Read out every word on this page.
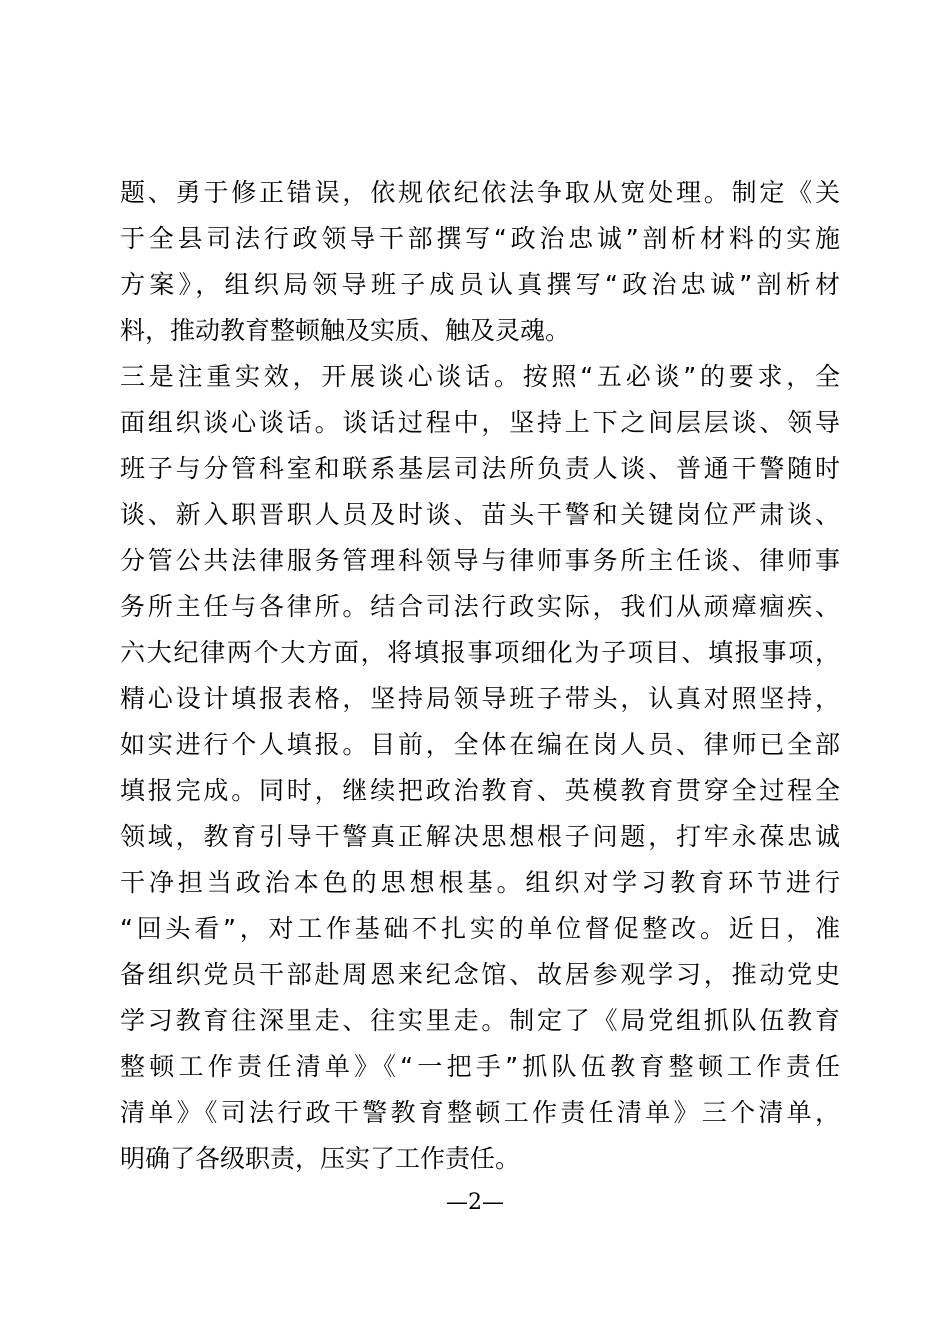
题、勇于修正错误，依规依纪依法争取从宽处理。制定《关
于全县司法行政领导干部撰写“政治忠诚”剖析材料的实施
方案》，组织局领导班子成员认真撰写“政治忠诚”剖析材
料，推动教育整顿触及实质、触及灵魂。
三是注重实效，开展谈心谈话。按照“五必谈”的要求，全
面组织谈心谈话。谈话过程中，坚持上下之间层层谈、领导
班子与分管科室和联系基层司法所负责人谈、普通干警随时
谈、新入职晋职人员及时谈、苗头干警和关键岗位严肃谈、
分管公共法律服务管理科领导与律师事务所主任谈、律师事
务所主任与各律所。结合司法行政实际，我们从顽瘴痼疾、
六大纪律两个大方面，将填报事项细化为子项目、填报事项，
精心设计填报表格，坚持局领导班子带头，认真对照坚持，
如实进行个人填报。目前，全体在编在岗人员、律师已全部
填报完成。同时，继续把政治教育、英模教育贯穿全过程全
领域，教育引导干警真正解决思想根子问题，打牢永葆忠诚
干净担当政治本色的思想根基。组织对学习教育环节进行
“回头看”，对工作基础不扎实的单位督促整改。近日，准
备组织党员干部赴周恩来纪念馆、故居参观学习，推动党史
学习教育往深里走、往实里走。制定了《局党组抓队伍教育
整顿工作责任清单》《“一把手”抓队伍教育整顿工作责任
清单》《司法行政干警教育整顿工作责任清单》三个清单，
明确了各级职责，压实了工作责任。
—2—
